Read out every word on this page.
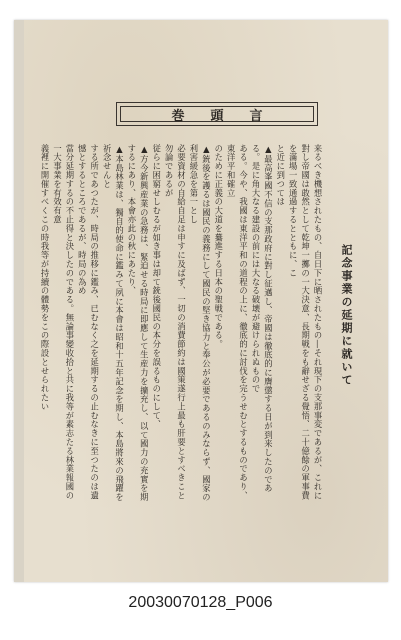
巻頭言

来るべき機想されたもの、自日下に晒されたもの―それ現下の支那事変であるが、これに對し帝國は敢然として乾坤一擲の一大決意、長期戦をも辭せざる覺悟、二十億餘の軍事費を滿場一致通過するとともに、こ

と近に到つては

▲最高峯國不信の支那政府に對し征邁し、帝國は徹底的に膺懲する日が到来したのである。是に角大なる建設の前には大なる破壊が避けられぬもので

ある。今や、我國は東洋平和の道程の上に、徹底的に討伐を完うせむとするものであり、東洋平和確立

のために正義の大道を驀進する日本の聖戦である。

▲銃後を護るは國民の義務にして國民の堅き協力と奉公が必要であるのみならず、國家の利害緩急を第一とし

必要資材の自給自足は申すに及ばず、一切の消費節約は國策遂行上最も肝要とすべきこと勿論であるが

従らに困窮せしむるが如き事は却て銃後國民の本分を誤るものにして、

▲方今新興産業の急務は、緊迫せる時局に即應して生産力を擴充し、以て國力の充實を期するにあり、本會亦此の秋にあたり、

▲本島林業は、獨自的使命に鑑みて夙に本會は昭和十五年記念を期し、本島將來の飛躍を祈念せんと

する所であつたが、時局の推移に鑑み、已むなく之を延期するの止むなきに至つたのは遺憾とするところであるが、時局の為め

當分延期するの不止得と決したのである。無論事變收拾と共に我等が素志たる林業報國の一大事業を有效有意

義裡に開催すべくこの時我等が持續の體勢をこの際設とせられたい	記念事業の延期に就いて
20030070128_P006
